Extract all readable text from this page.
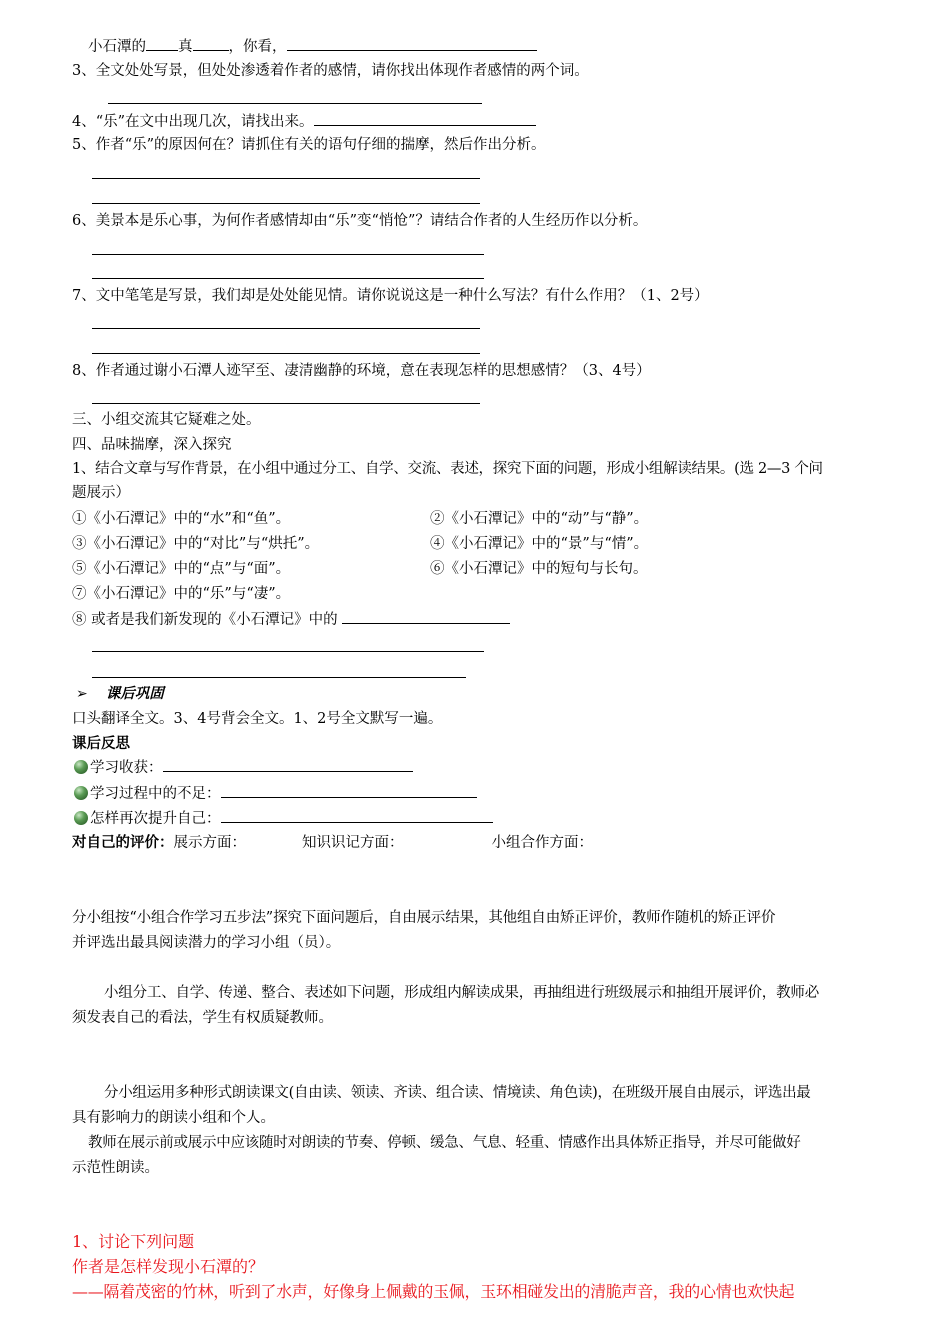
小石潭的 真 ，你看，
3、全文处处写景，但处处渗透着作者的感情，请你找出体现作者感情的两个词。
4、“乐”在文中出现几次，请找出来。
5、作者“乐”的原因何在？请抓住有关的语句仔细的揣摩，然后作出分析。
6、美景本是乐心事，为何作者感情却由“乐”变“悄怆”？请结合作者的人生经历作以分析。
7、文中笔笔是写景，我们却是处处能见情。请你说说这是一种什么写法？有什么作用？（1、2号）
8、作者通过谢小石潭人迹罕至、凄清幽静的环境，意在表现怎样的思想感情？（3、4号）
三、小组交流其它疑难之处。
四、品味揣摩，深入探究
1、结合文章与写作背景，在小组中通过分工、自学、交流、表述，探究下面的问题，形成小组解读结果。(选 2—3 个问
题展示）
①《小石潭记》中的“水”和“鱼”。	②《小石潭记》中的“动”与“静”。
③《小石潭记》中的“对比”与“烘托”。	④《小石潭记》中的“景”与“情”。
⑤《小石潭记》中的“点”与“面”。	⑥《小石潭记》中的短句与长句。
⑦《小石潭记》中的“乐”与“凄”。
⑧ 或者是我们新发现的《小石潭记》中的
➢ 课后巩固
口头翻译全文。3、4号背会全文。1、2号全文默写一遍。
课后反思
学习收获：
学习过程中的不足：
怎样再次提升自己：
对自己的评价：展示方面：	知识识记方面：	小组合作方面：
分小组按“小组合作学习五步法”探究下面问题后，自由展示结果，其他组自由矫正评价，教师作随机的矫正评价
并评选出最具阅读潜力的学习小组（员）。
小组分工、自学、传递、整合、表述如下问题，形成组内解读成果，再抽组进行班级展示和抽组开展评价，教师必
须发表自己的看法，学生有权质疑教师。
分小组运用多种形式朗读课文(自由读、领读、齐读、组合读、情境读、角色读)，在班级开展自由展示，评选出最
具有影响力的朗读小组和个人。
教师在展示前或展示中应该随时对朗读的节奏、停顿、缓急、气息、轻重、情感作出具体矫正指导，并尽可能做好
示范性朗读。
1、讨论下列问题
作者是怎样发现小石潭的？
——隔着茂密的竹林，听到了水声，好像身上佩戴的玉佩，玉环相碰发出的清脆声音，我的心情也欢快起
